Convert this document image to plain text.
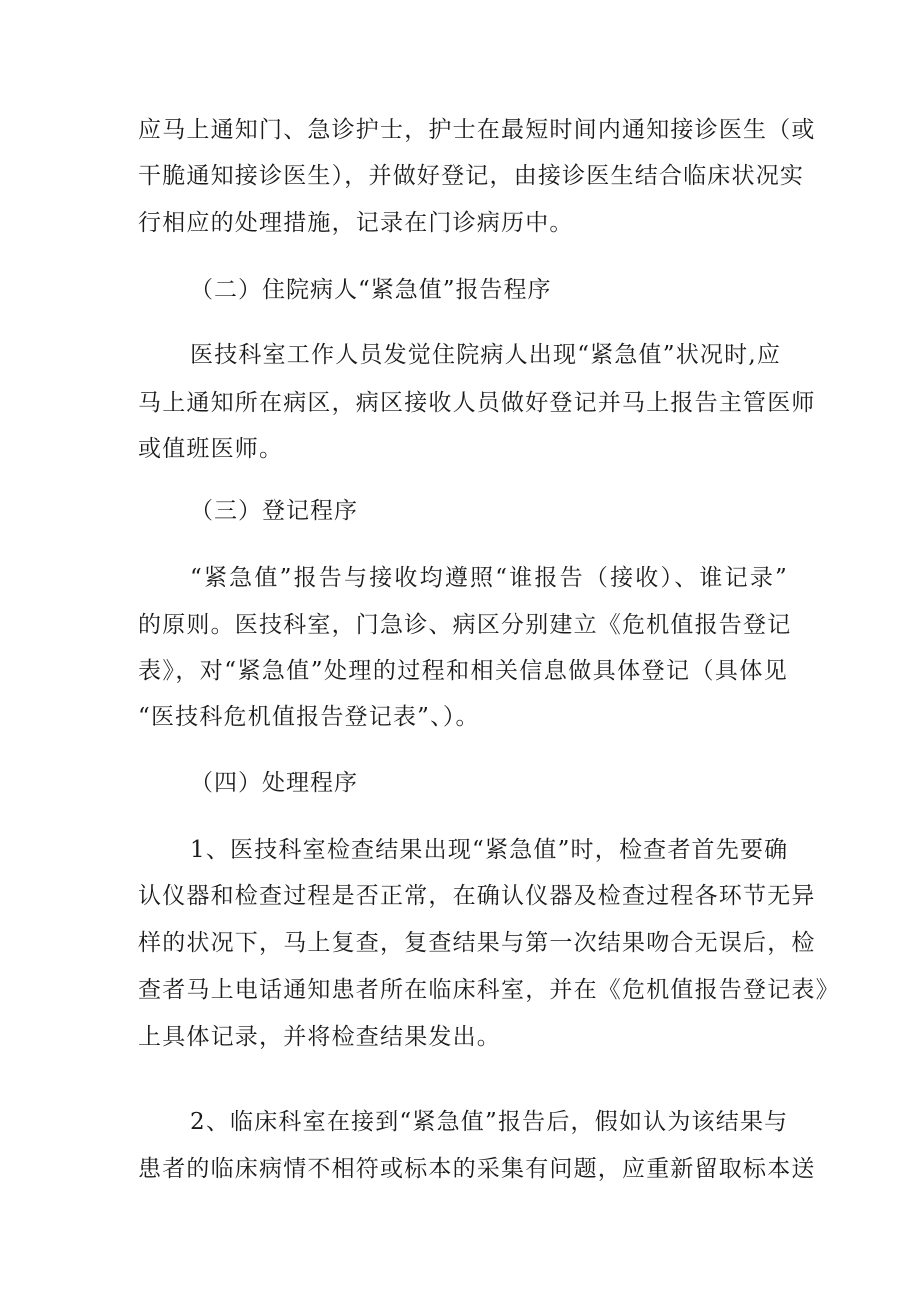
应马上通知门、急诊护士，护士在最短时间内通知接诊医生（或
干脆通知接诊医生），并做好登记，由接诊医生结合临床状况实
行相应的处理措施，记录在门诊病历中。
（二）住院病人“紧急值”报告程序
医技科室工作人员发觉住院病人出现“紧急值”状况时,应
马上通知所在病区，病区接收人员做好登记并马上报告主管医师
或值班医师。
（三）登记程序
“紧急值”报告与接收均遵照“谁报告（接收）、谁记录”
的原则。医技科室，门急诊、病区分别建立《危机值报告登记
表》，对“紧急值”处理的过程和相关信息做具体登记（具体见
“医技科危机值报告登记表”、）。
（四）处理程序
1、医技科室检查结果出现“紧急值”时，检查者首先要确
认仪器和检查过程是否正常，在确认仪器及检查过程各环节无异
样的状况下，马上复查，复查结果与第一次结果吻合无误后，检
查者马上电话通知患者所在临床科室，并在《危机值报告登记表》
上具体记录，并将检查结果发出。
2、临床科室在接到“紧急值”报告后，假如认为该结果与
患者的临床病情不相符或标本的采集有问题，应重新留取标本送
